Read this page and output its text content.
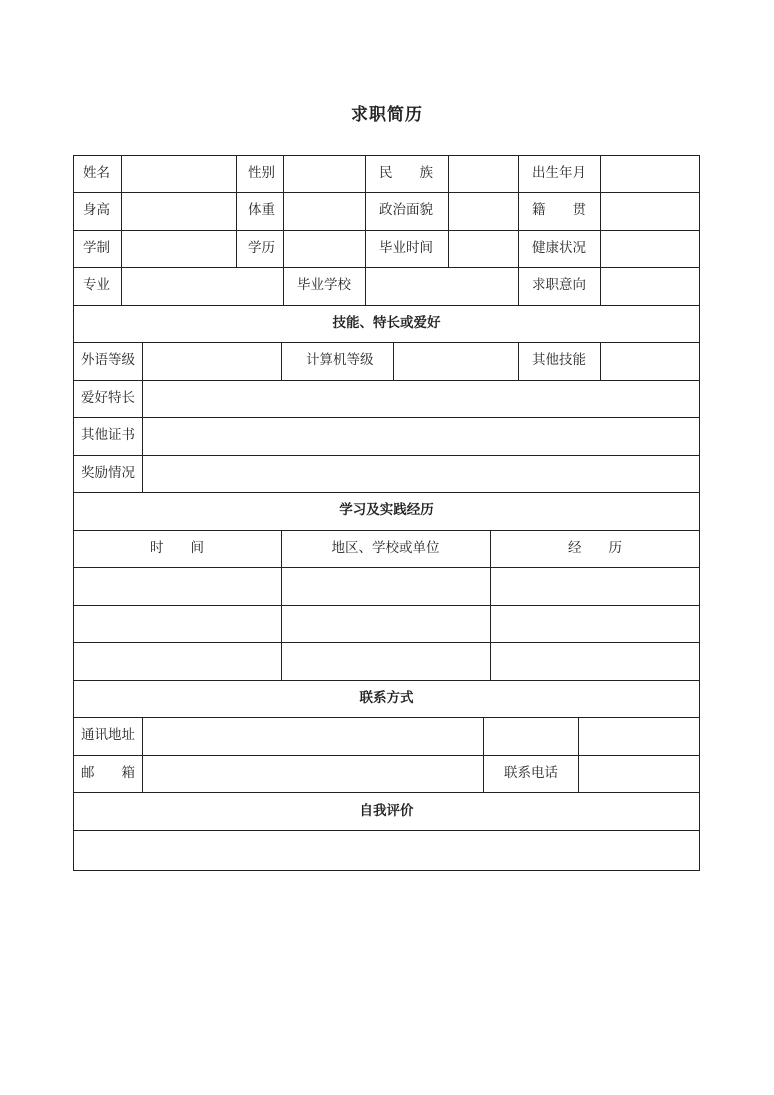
求职简历
姓名	性别	民　　族	出生年月
身高	体重	政治面貌	籍　　贯
学制	学历	毕业时间	健康状况
专业	毕业学校	求职意向
技能、特长或爱好
外语等级	计算机等级	其他技能
爱好特长
其他证书
奖励情况
学习及实践经历
时　　间	地区、学校或单位	经　　历
联系方式
通讯地址
邮　　箱	联系电话
自我评价
